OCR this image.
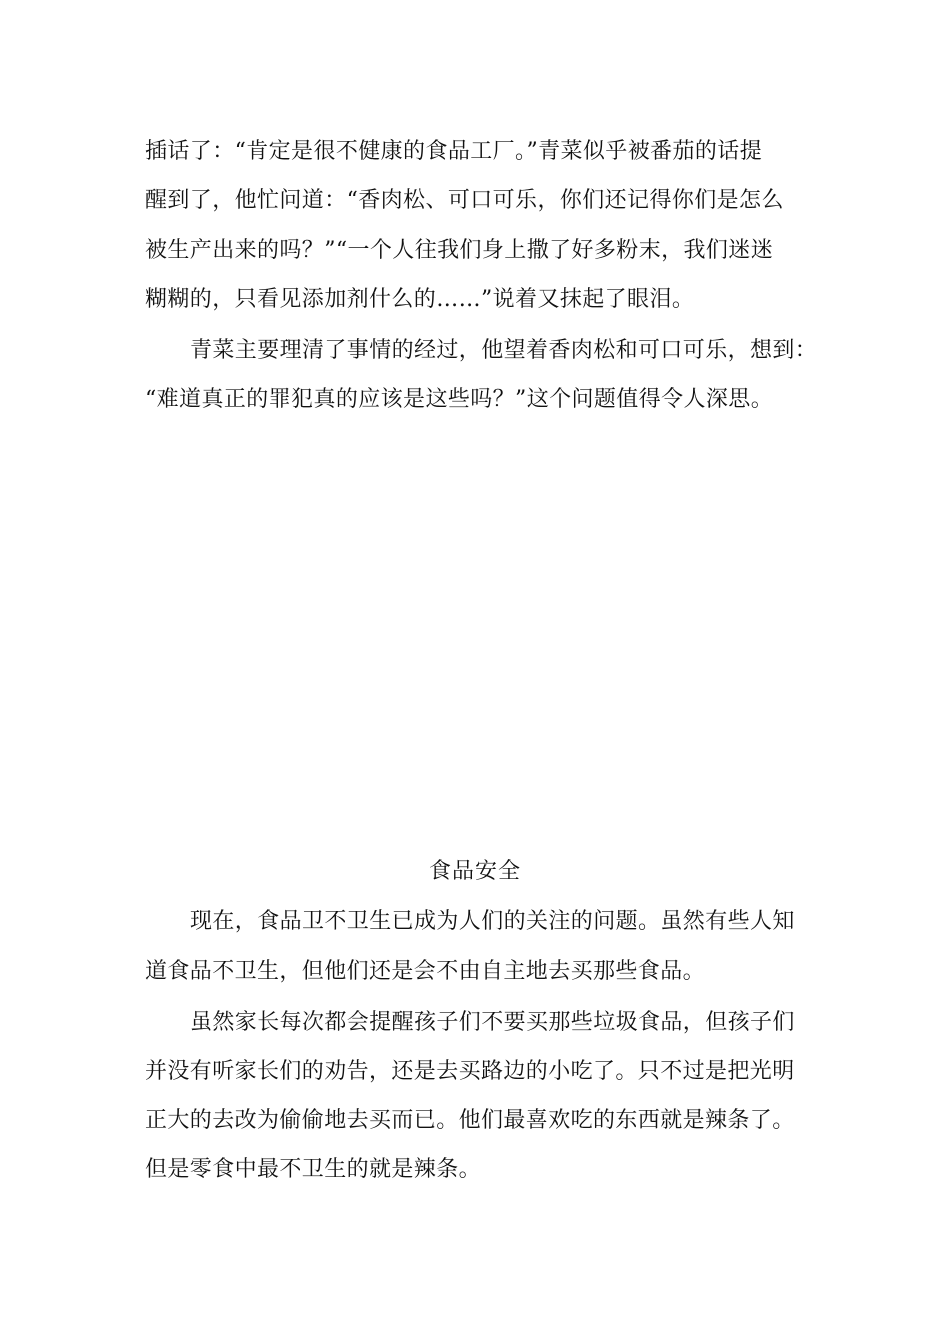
插话了：“肯定是很不健康的食品工厂。”青菜似乎被番茄的话提
醒到了，他忙问道：“香肉松、可口可乐，你们还记得你们是怎么
被生产出来的吗？”“一个人往我们身上撒了好多粉末，我们迷迷
糊糊的，只看见添加剂什么的……”说着又抹起了眼泪。
青菜主要理清了事情的经过，他望着香肉松和可口可乐，想到：
“难道真正的罪犯真的应该是这些吗？”这个问题值得令人深思。
食品安全
现在，食品卫不卫生已成为人们的关注的问题。虽然有些人知
道食品不卫生，但他们还是会不由自主地去买那些食品。
虽然家长每次都会提醒孩子们不要买那些垃圾食品，但孩子们
并没有听家长们的劝告，还是去买路边的小吃了。只不过是把光明
正大的去改为偷偷地去买而已。他们最喜欢吃的东西就是辣条了。
但是零食中最不卫生的就是辣条。
